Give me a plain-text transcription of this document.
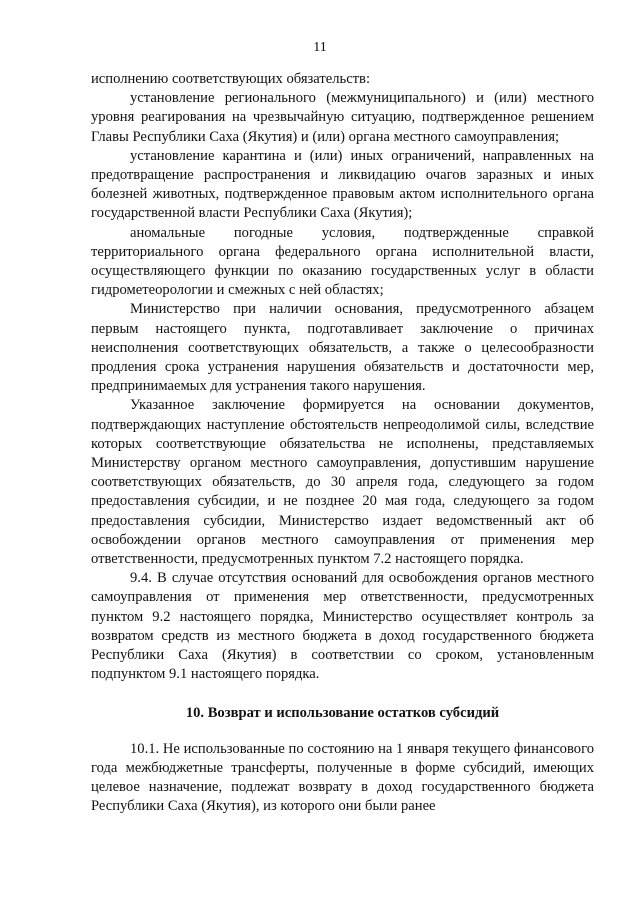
11

исполнению соответствующих обязательств:

установление регионального (межмуниципального) и (или) местного уровня реагирования на чрезвычайную ситуацию, подтвержденное решением Главы Республики Саха (Якутия) и (или) органа местного самоуправления;

установление карантина и (или) иных ограничений, направленных на предотвращение распространения и ликвидацию очагов заразных и иных болезней животных, подтвержденное правовым актом исполнительного органа государственной власти Республики Саха (Якутия);

аномальные погодные условия, подтвержденные справкой территориального органа федерального органа исполнительной власти, осуществляющего функции по оказанию государственных услуг в области гидрометеорологии и смежных с ней областях;

Министерство при наличии основания, предусмотренного абзацем первым настоящего пункта, подготавливает заключение о причинах неисполнения соответствующих обязательств, а также о целесообразности продления срока устранения нарушения обязательств и достаточности мер, предпринимаемых для устранения такого нарушения.

Указанное заключение формируется на основании документов, подтверждающих наступление обстоятельств непреодолимой силы, вследствие которых соответствующие обязательства не исполнены, представляемых Министерству органом местного самоуправления, допустившим нарушение соответствующих обязательств, до 30 апреля года, следующего за годом предоставления субсидии, и не позднее 20 мая года, следующего за годом предоставления субсидии, Министерство издает ведомственный акт об освобождении органов местного самоуправления от применения мер ответственности, предусмотренных пунктом 7.2 настоящего порядка.

9.4. В случае отсутствия оснований для освобождения органов местного самоуправления от применения мер ответственности, предусмотренных пунктом 9.2 настоящего порядка, Министерство осуществляет контроль за возвратом средств из местного бюджета в доход государственного бюджета Республики Саха (Якутия) в соответствии со сроком, установленным подпунктом 9.1 настоящего порядка.

10. Возврат и использование остатков субсидий

10.1. Не использованные по состоянию на 1 января текущего финансового года межбюджетные трансферты, полученные в форме субсидий, имеющих целевое назначение, подлежат возврату в доход государственного бюджета Республики Саха (Якутия), из которого они были ранее
